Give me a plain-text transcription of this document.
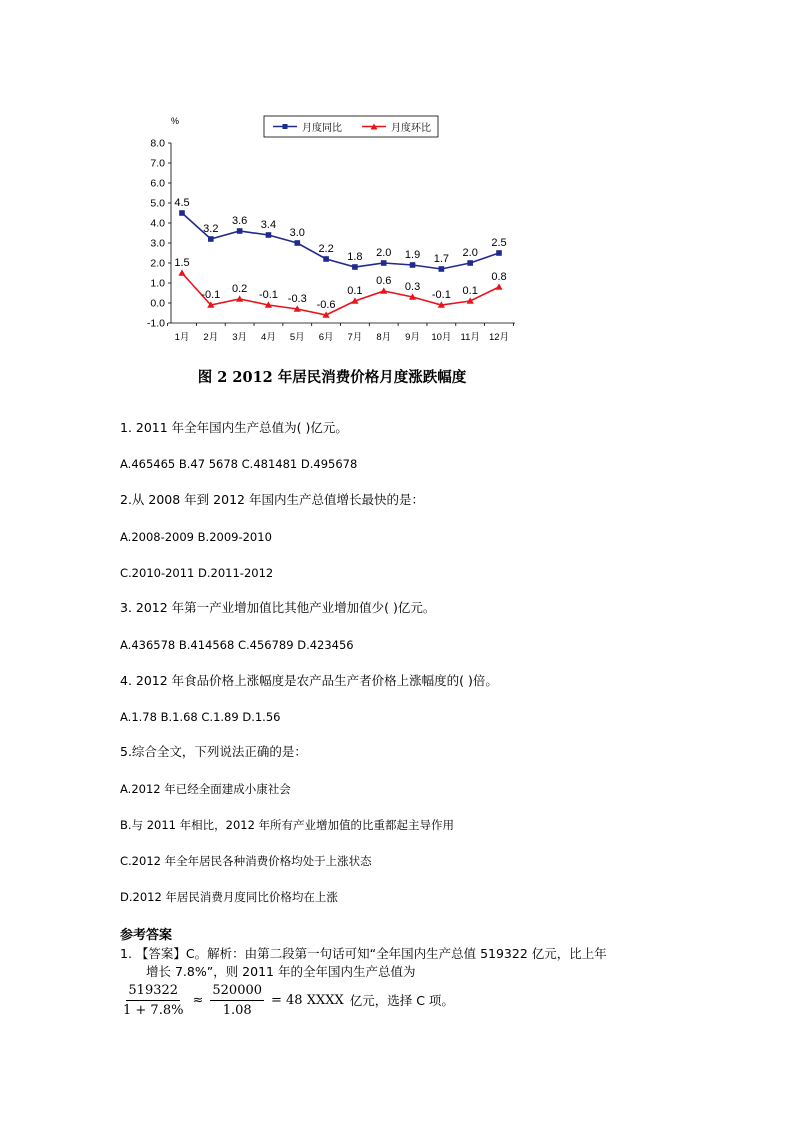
%
月度同比	月度环比
8.0
7.0
6.0
5.0
4.0
3.0
2.0
1.0
0.0
-1.0
1月 2月 3月 4月 5月 6月 7月 8月 9月 10月 11月 12月
4.5
3.2
3.6 3.4
3.0
2.2
1.8 2.0 1.9 1.7 2.0
2.5
1.5
-0.1 0.2 -0.1 -0.3 -0.6
0.1
0.6 0.3
-0.1 0.1
0.8
图 2 2012 年居民消费价格月度涨跌幅度
1. 2011 年全年国内生产总值为( )亿元。
A.465465 B.47 5678 C.481481 D.495678
2.从 2008 年到 2012 年国内生产总值增长最快的是：
A.2008-2009 B.2009-2010
C.2010-2011 D.2011-2012
3. 2012 年第一产业增加值比其他产业增加值少( )亿元。
A.436578 B.414568 C.456789 D.423456
4. 2012 年食品价格上涨幅度是农产品生产者价格上涨幅度的( )倍。
A.1.78 B.1.68 C.1.89 D.1.56
5.综合全文，下列说法正确的是：
A.2012 年已经全面建成小康社会
B.与 2011 年相比，2012 年所有产业增加值的比重都起主导作用
C.2012 年全年居民各种消费价格均处于上涨状态
D.2012 年居民消费月度同比价格均在上涨
参考答案
1. 【答案】C。解析：由第二段第一句话可知“全年国内生产总值 519322 亿元，比上年
增长 7.8%”，则 2011 年的全年国内生产总值为
$\frac{519322}{1 + 7.8\%} \approx \frac{520000}{1.08} = 48$ XXXX 亿元，选择 C 项。
